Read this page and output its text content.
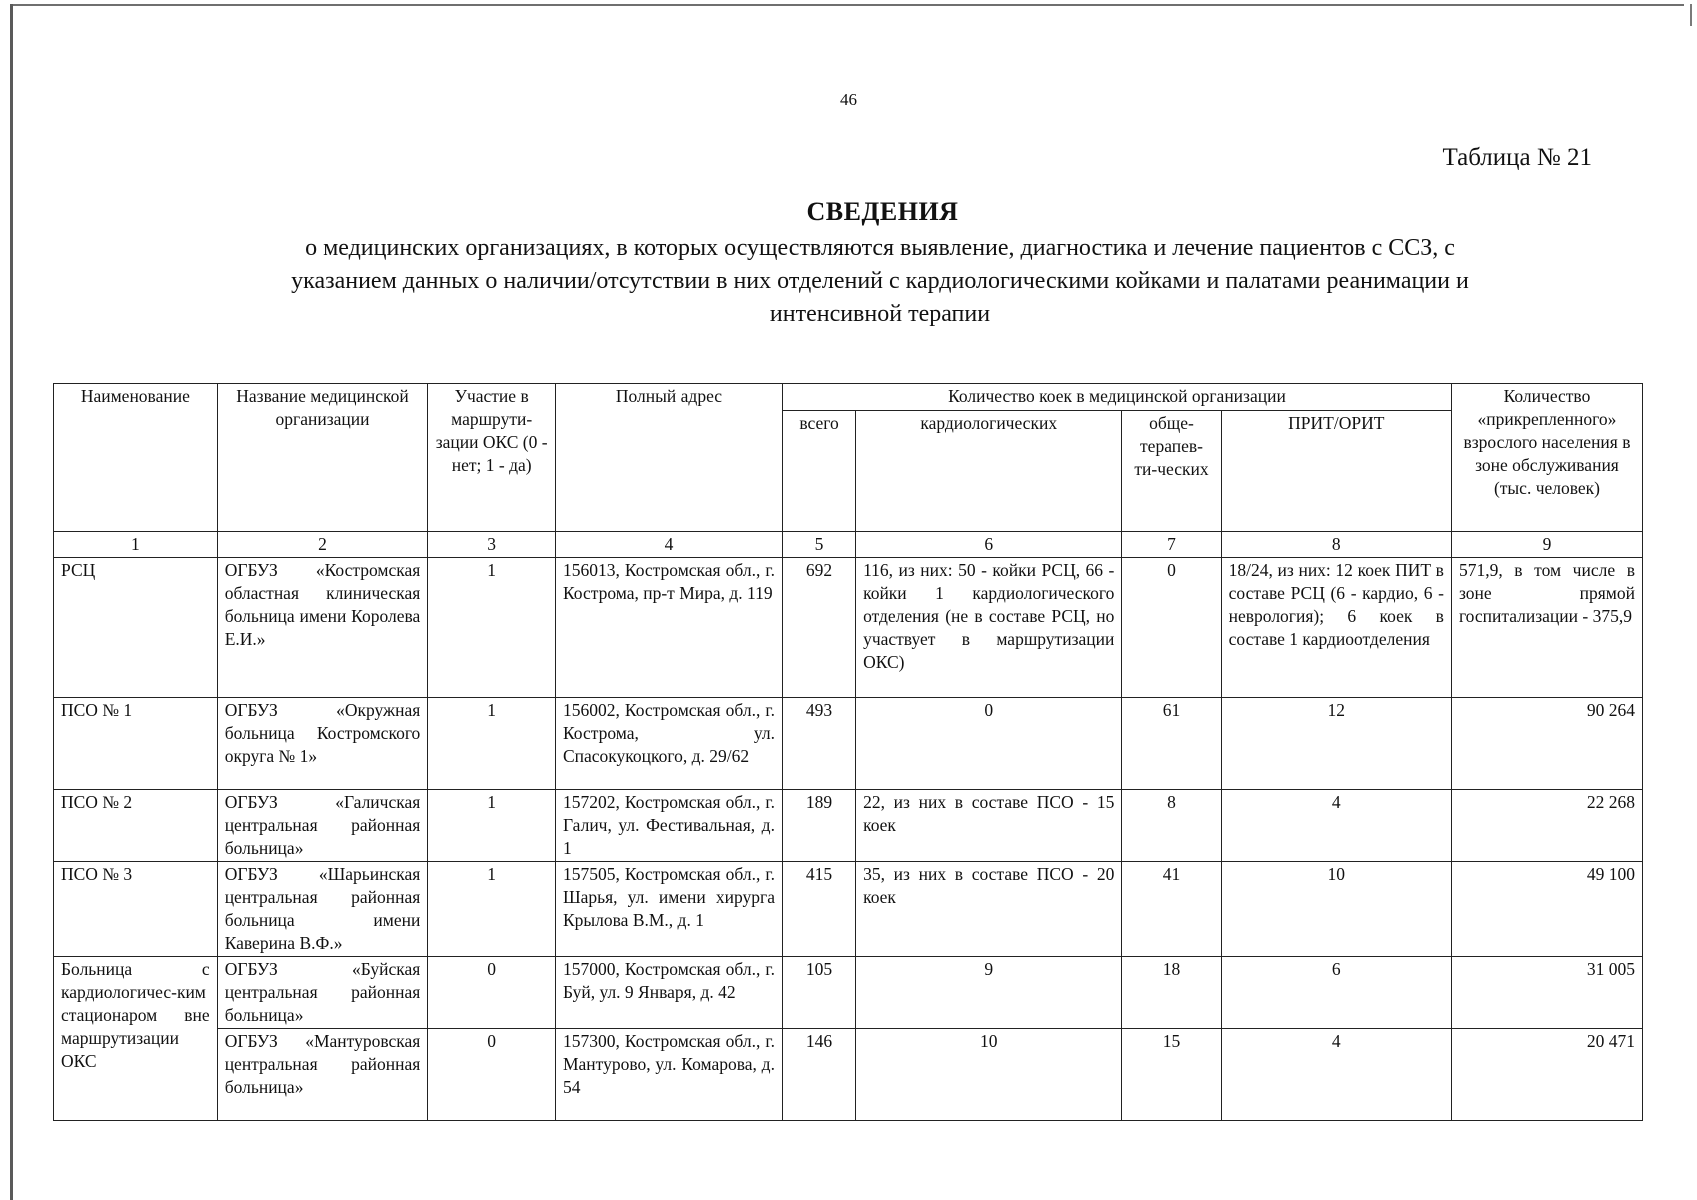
46
Таблица № 21
СВЕДЕНИЯ
о медицинских организациях, в которых осуществляются выявление, диагностика и лечение пациентов с ССЗ, с указанием данных о наличии/отсутствии в них отделений с кардиологическими койками и палатами реанимации и интенсивной терапии
Наименование	Название медицинской организации	Участие в маршрути-зации ОКС (0 - нет; 1 - да)	Полный адрес	Количество коек в медицинской организации				Количество «прикрепленного» взрослого населения в зоне обслуживания (тыс. человек)
				всего	кардиологических	обще-терапев-ти-ческих	ПРИТ/ОРИТ	
1	2	3	4	5	6	7	8	9
РСЦ	ОГБУЗ «Костромская областная клиническая больница имени Королева Е.И.»	1	156013, Костромская обл., г. Кострома, пр-т Мира, д. 119	692	116, из них: 50 - койки РСЦ, 66 - койки 1 кардиологического отделения (не в составе РСЦ, но участвует в маршрутизации ОКС)	0	18/24, из них: 12 коек ПИТ в составе РСЦ (6 - кардио, 6 - неврология); 6 коек в составе 1 кардиоотделения	571,9, в том числе в зоне прямой госпитализации - 375,9
ПСО № 1	ОГБУЗ «Окружная больница Костромского округа № 1»	1	156002, Костромская обл., г. Кострома, ул. Спасокукоцкого, д. 29/62	493	0	61	12	90 264
ПСО № 2	ОГБУЗ «Галичская центральная районная больница»	1	157202, Костромская обл., г. Галич, ул. Фестивальная, д. 1	189	22, из них в составе ПСО - 15 коек	8	4	22 268
ПСО № 3	ОГБУЗ «Шарьинская центральная районная больница имени Каверина В.Ф.»	1	157505, Костромская обл., г. Шарья, ул. имени хирурга Крылова В.М., д. 1	415	35, из них в составе ПСО - 20 коек	41	10	49 100
Больница с кардиологичес-ким стационаром вне маршрутизации ОКС	ОГБУЗ «Буйская центральная районная больница»	0	157000, Костромская обл., г. Буй, ул. 9 Января, д. 42	105	9	18	6	31 005
	ОГБУЗ «Мантуровская центральная районная больница»	0	157300, Костромская обл., г. Мантурово, ул. Комарова, д. 54	146	10	15	4	20 471
